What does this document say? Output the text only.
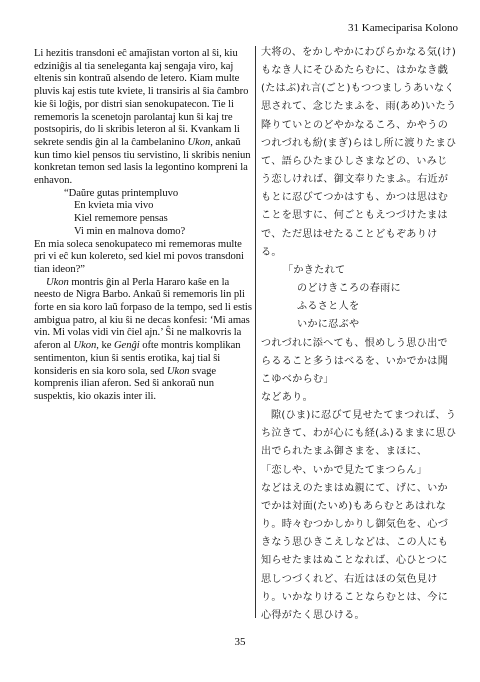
31 Kameciparisa Kolono

Li hezitis transdoni eĉ amaĵistan vorton al ŝi, kiu edziniĝis al tia seneleganta kaj sengaja viro, kaj eltenis sin kontraŭ alsendo de letero. Kiam multe pluvis kaj estis tute kviete, li transiris al ŝia ĉambro kie ŝi loĝis, por distri sian senokupatecon. Tie li rememoris la scenetojn parolantaj kun ŝi kaj tre postsopiris, do li skribis leteron al ŝi. Kvankam li sekrete sendis ĝin al la ĉambelanino Ukon, ankaŭ kun timo kiel pensos tiu servistino, li skribis neniun konkretan temon sed lasis la legontino kompreni la enhavon.

“Daŭre gutas printempluvo
En kvieta mia vivo
Kiel rememore pensas
Vi min en malnova domo?

En mia soleca senokupateco mi rememoras multe pri vi eĉ kun kolereto, sed kiel mi povos transdoni tian ideon?”

Ukon montris ĝin al Perla Hararo kaŝe en la neesto de Nigra Barbo. Ankaŭ ŝi rememoris lin pli forte en sia koro laŭ forpaso de la tempo, sed li estis ambigua patro, al kiu ŝi ne decas konfesi: ‘Mi amas vin. Mi volas vidi vin ĉiel ajn.’ Ŝi ne malkovris la aferon al Ukon, ke Genĝi ofte montris komplikan sentimenton, kiun ŝi sentis erotika, kaj tial ŝi konsideris en sia koro sola, sed Ukon svage komprenis ilian aferon. Sed ŝi ankoraŭ nun suspektis, kio okazis inter ili.

大将の、をかしやかにわびらかなる気(け)もなき人にそひゐたらむに、はかなき戯(たはぶ)れ言(ごと)もつつましうあいなく思されて、念じたまふを、雨(あめ)いたう降りていとのどやかなるころ、かやうのつれづれも紛(まぎ)らはし所に渡りたまひて、語らひたまひしさまなどの、いみじう恋しければ、御文奉りたまふ。右近がもとに忍びてつかはすも、かつは思はむことを思すに、何ごともえつづけたまはで、ただ思はせたることどもぞありける。

「かきたれて
のどけきころの春雨に
ふるさと人を
いかに忍ぶや

つれづれに添へても、恨めしう思ひ出でらるること多うはべるを、いかでかは聞こゆべからむ」

などあり。

隙(ひま)に忍びて見せたてまつれば、うち泣きて、わが心にも経(ふ)るままに思ひ出でられたまふ御さまを、まほに、

「恋しや、いかで見たてまつらん」

などはえのたまはぬ親にて、げに、いかでかは対面(たいめ)もあらむとあはれなり。時々むつかしかりし御気色を、心づきなう思ひきこえしなどは、この人にも知らせたまはぬことなれば、心ひとつに思しつづくれど、右近はほの気色見けり。いかなりけることならむとは、今に心得がたく思ひける。

35
